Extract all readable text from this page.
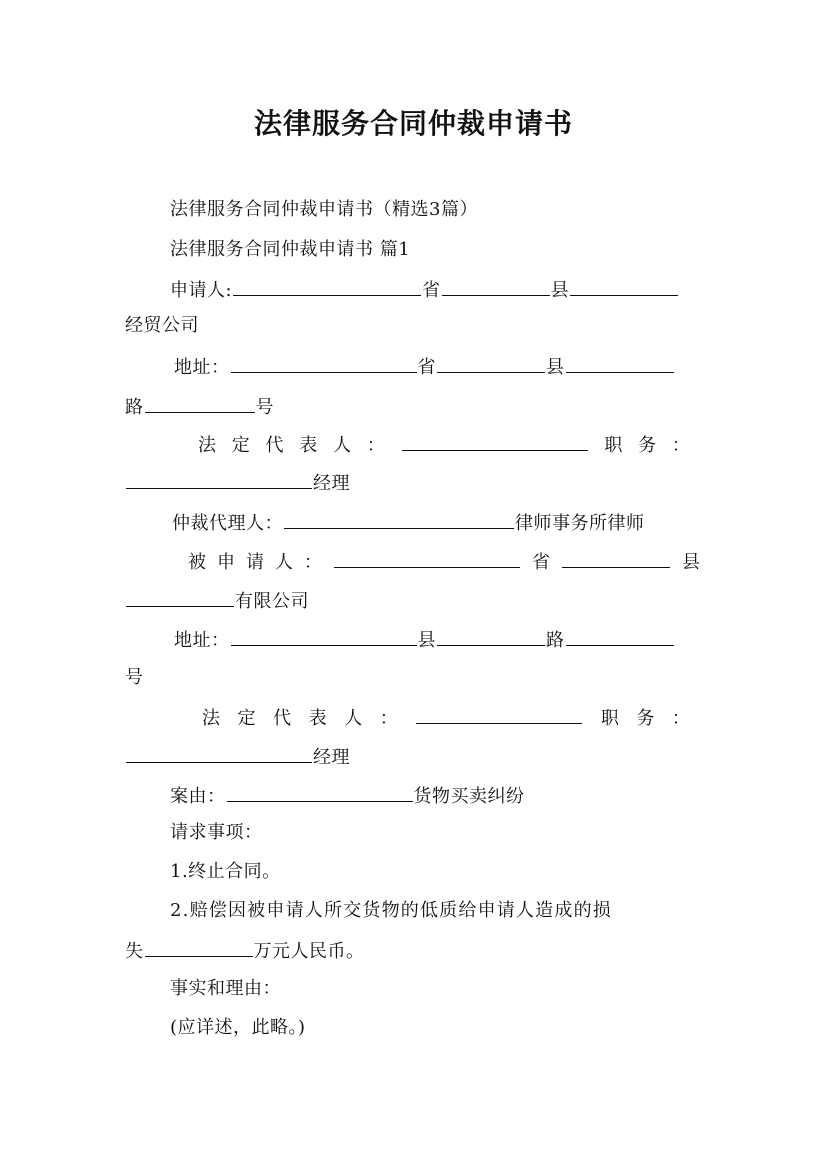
法律服务合同仲裁申请书
法律服务合同仲裁申请书（精选3篇）
法律服务合同仲裁申请书 篇1
申请人:	省	县
经贸公司
地址：	省	县
路	号
法 定 代 表 人 ：	职 务 ：
经理
仲裁代理人：	律师事务所律师
被 申 请 人 ：	省	县
有限公司
地址：	县	路
号
法 定 代 表 人 ：	职 务 ：
经理
案由：	货物买卖纠纷
请求事项：
1.终止合同。
2.赔偿因被申请人所交货物的低质给申请人造成的损
失	万元人民币。
事实和理由：
(应详述，此略。)
